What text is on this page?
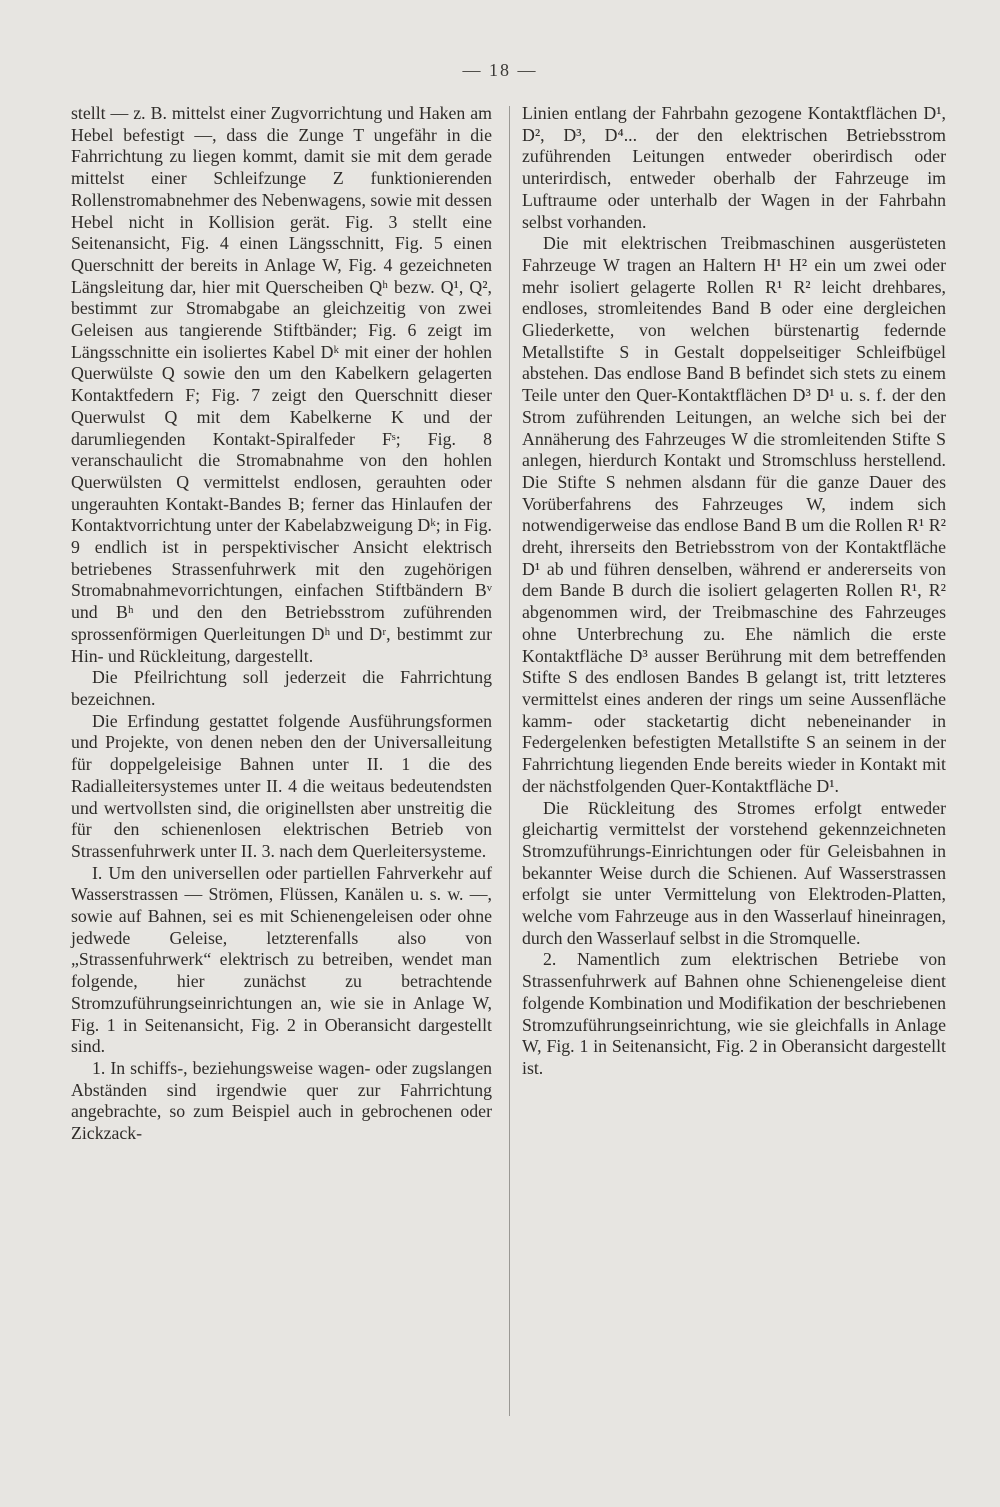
— 18 —

stellt — z. B. mittelst einer Zugvorrichtung und Haken am Hebel befestigt —, dass die Zunge T ungefähr in die Fahrrichtung zu liegen kommt, damit sie mit dem gerade mittelst einer Schleifzunge Z funktionierenden Rollenstromabnehmer des Nebenwagens, sowie mit dessen Hebel nicht in Kollision gerät. Fig. 3 stellt eine Seitenansicht, Fig. 4 einen Längsschnitt, Fig. 5 einen Querschnitt der bereits in Anlage W, Fig. 4 gezeichneten Längsleitung dar, hier mit Querscheiben Qʰ bezw. Q¹, Q², bestimmt zur Stromabgabe an gleichzeitig von zwei Geleisen aus tangierende Stiftbänder; Fig. 6 zeigt im Längsschnitte ein isoliertes Kabel Dᵏ mit einer der hohlen Querwülste Q sowie den um den Kabelkern gelagerten Kontaktfedern F; Fig. 7 zeigt den Querschnitt dieser Querwulst Q mit dem Kabelkerne K und der darumliegenden Kontakt-Spiralfeder Fˢ; Fig. 8 veranschaulicht die Stromabnahme von den hohlen Querwülsten Q vermittelst endlosen, gerauhten oder ungerauhten Kontakt-Bandes B; ferner das Hinlaufen der Kontaktvorrichtung unter der Kabelabzweigung Dᵏ; in Fig. 9 endlich ist in perspektivischer Ansicht elektrisch betriebenes Strassenfuhrwerk mit den zugehörigen Stromabnahmevorrichtungen, einfachen Stiftbändern Bᵛ und Bʰ und den den Betriebsstrom zuführenden sprossenförmigen Querleitungen Dʰ und Dʳ, bestimmt zur Hin- und Rückleitung, dargestellt.

Die Pfeilrichtung soll jederzeit die Fahrrichtung bezeichnen.

Die Erfindung gestattet folgende Ausführungsformen und Projekte, von denen neben den der Universalleitung für doppelgeleisige Bahnen unter II. 1 die des Radialleitersystemes unter II. 4 die weitaus bedeutendsten und wertvollsten sind, die originellsten aber unstreitig die für den schienenlosen elektrischen Betrieb von Strassenfuhrwerk unter II. 3. nach dem Querleitersysteme.

I. Um den universellen oder partiellen Fahrverkehr auf Wasserstrassen — Strömen, Flüssen, Kanälen u. s. w. —, sowie auf Bahnen, sei es mit Schienengeleisen oder ohne jedwede Geleise, letzterenfalls also von „Strassenfuhrwerk“ elektrisch zu betreiben, wendet man folgende, hier zunächst zu betrachtende Stromzuführungseinrichtungen an, wie sie in Anlage W, Fig. 1 in Seitenansicht, Fig. 2 in Oberansicht dargestellt sind.

1. In schiffs-, beziehungsweise wagen- oder zugslangen Abständen sind irgendwie quer zur Fahrrichtung angebrachte, so zum Beispiel auch in gebrochenen oder Zickzack-

Linien entlang der Fahrbahn gezogene Kontaktflächen D¹, D², D³, D⁴... der den elektrischen Betriebsstrom zuführenden Leitungen entweder oberirdisch oder unterirdisch, entweder oberhalb der Fahrzeuge im Luftraume oder unterhalb der Wagen in der Fahrbahn selbst vorhanden.

Die mit elektrischen Treibmaschinen ausgerüsteten Fahrzeuge W tragen an Haltern H¹ H² ein um zwei oder mehr isoliert gelagerte Rollen R¹ R² leicht drehbares, endloses, stromleitendes Band B oder eine dergleichen Gliederkette, von welchen bürstenartig federnde Metallstifte S in Gestalt doppelseitiger Schleifbügel abstehen. Das endlose Band B befindet sich stets zu einem Teile unter den Quer-Kontaktflächen D³ D¹ u. s. f. der den Strom zuführenden Leitungen, an welche sich bei der Annäherung des Fahrzeuges W die stromleitenden Stifte S anlegen, hierdurch Kontakt und Stromschluss herstellend. Die Stifte S nehmen alsdann für die ganze Dauer des Vorüberfahrens des Fahrzeuges W, indem sich notwendigerweise das endlose Band B um die Rollen R¹ R² dreht, ihrerseits den Betriebsstrom von der Kontaktfläche D¹ ab und führen denselben, während er andererseits von dem Bande B durch die isoliert gelagerten Rollen R¹, R² abgenommen wird, der Treibmaschine des Fahrzeuges ohne Unterbrechung zu. Ehe nämlich die erste Kontaktfläche D³ ausser Berührung mit dem betreffenden Stifte S des endlosen Bandes B gelangt ist, tritt letzteres vermittelst eines anderen der rings um seine Aussenfläche kamm- oder stacketartig dicht nebeneinander in Federgelenken befestigten Metallstifte S an seinem in der Fahrrichtung liegenden Ende bereits wieder in Kontakt mit der nächstfolgenden Quer-Kontaktfläche D¹.

Die Rückleitung des Stromes erfolgt entweder gleichartig vermittelst der vorstehend gekennzeichneten Stromzuführungs-Einrichtungen oder für Geleisbahnen in bekannter Weise durch die Schienen. Auf Wasserstrassen erfolgt sie unter Vermittelung von Elektroden-Platten, welche vom Fahrzeuge aus in den Wasserlauf hineinragen, durch den Wasserlauf selbst in die Stromquelle.

2. Namentlich zum elektrischen Betriebe von Strassenfuhrwerk auf Bahnen ohne Schienengeleise dient folgende Kombination und Modifikation der beschriebenen Stromzuführungseinrichtung, wie sie gleichfalls in Anlage W, Fig. 1 in Seitenansicht, Fig. 2 in Oberansicht dargestellt ist.
